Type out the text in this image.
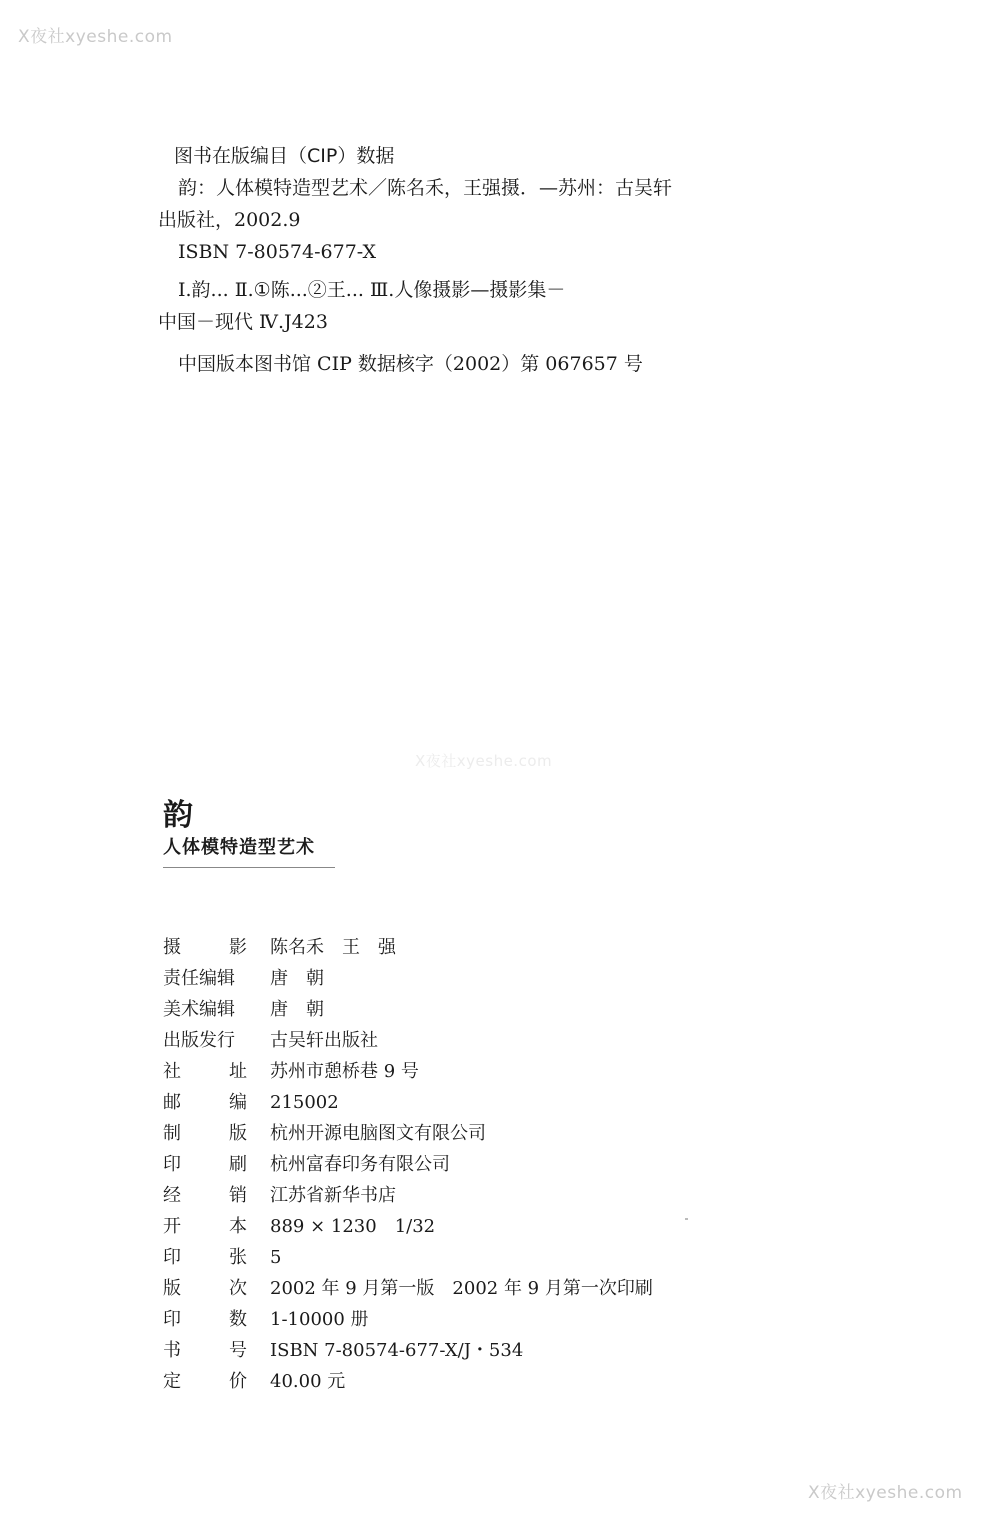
X夜社xyeshe.com
X夜社xyeshe.com
X夜社xyeshe.com
图书在版编目（CIP）数据
韵：人体模特造型艺术／陈名禾，王强摄．—苏州：古吴轩
出版社，2002.9
ISBN 7-80574-677-X
Ⅰ.韵... Ⅱ.①陈...②王... Ⅲ.人像摄影—摄影集－
中国－现代 Ⅳ.J423
中国版本图书馆 CIP 数据核字（2002）第 067657 号
韵
人体模特造型艺术
摄	影 陈名禾　王　强
责任编辑 唐　朝
美术编辑 唐　朝
出版发行 古吴轩出版社
社	址 苏州市憩桥巷 9 号
邮	编 215002
制	版 杭州开源电脑图文有限公司
印	刷 杭州富春印务有限公司
经	销 江苏省新华书店
开	本 889 × 1230　1/32
印	张 5
版	次 2002 年 9 月第一版　2002 年 9 月第一次印刷
印	数 1-10000 册
书	号 ISBN 7-80574-677-X/J・534
定	价 40.00 元
